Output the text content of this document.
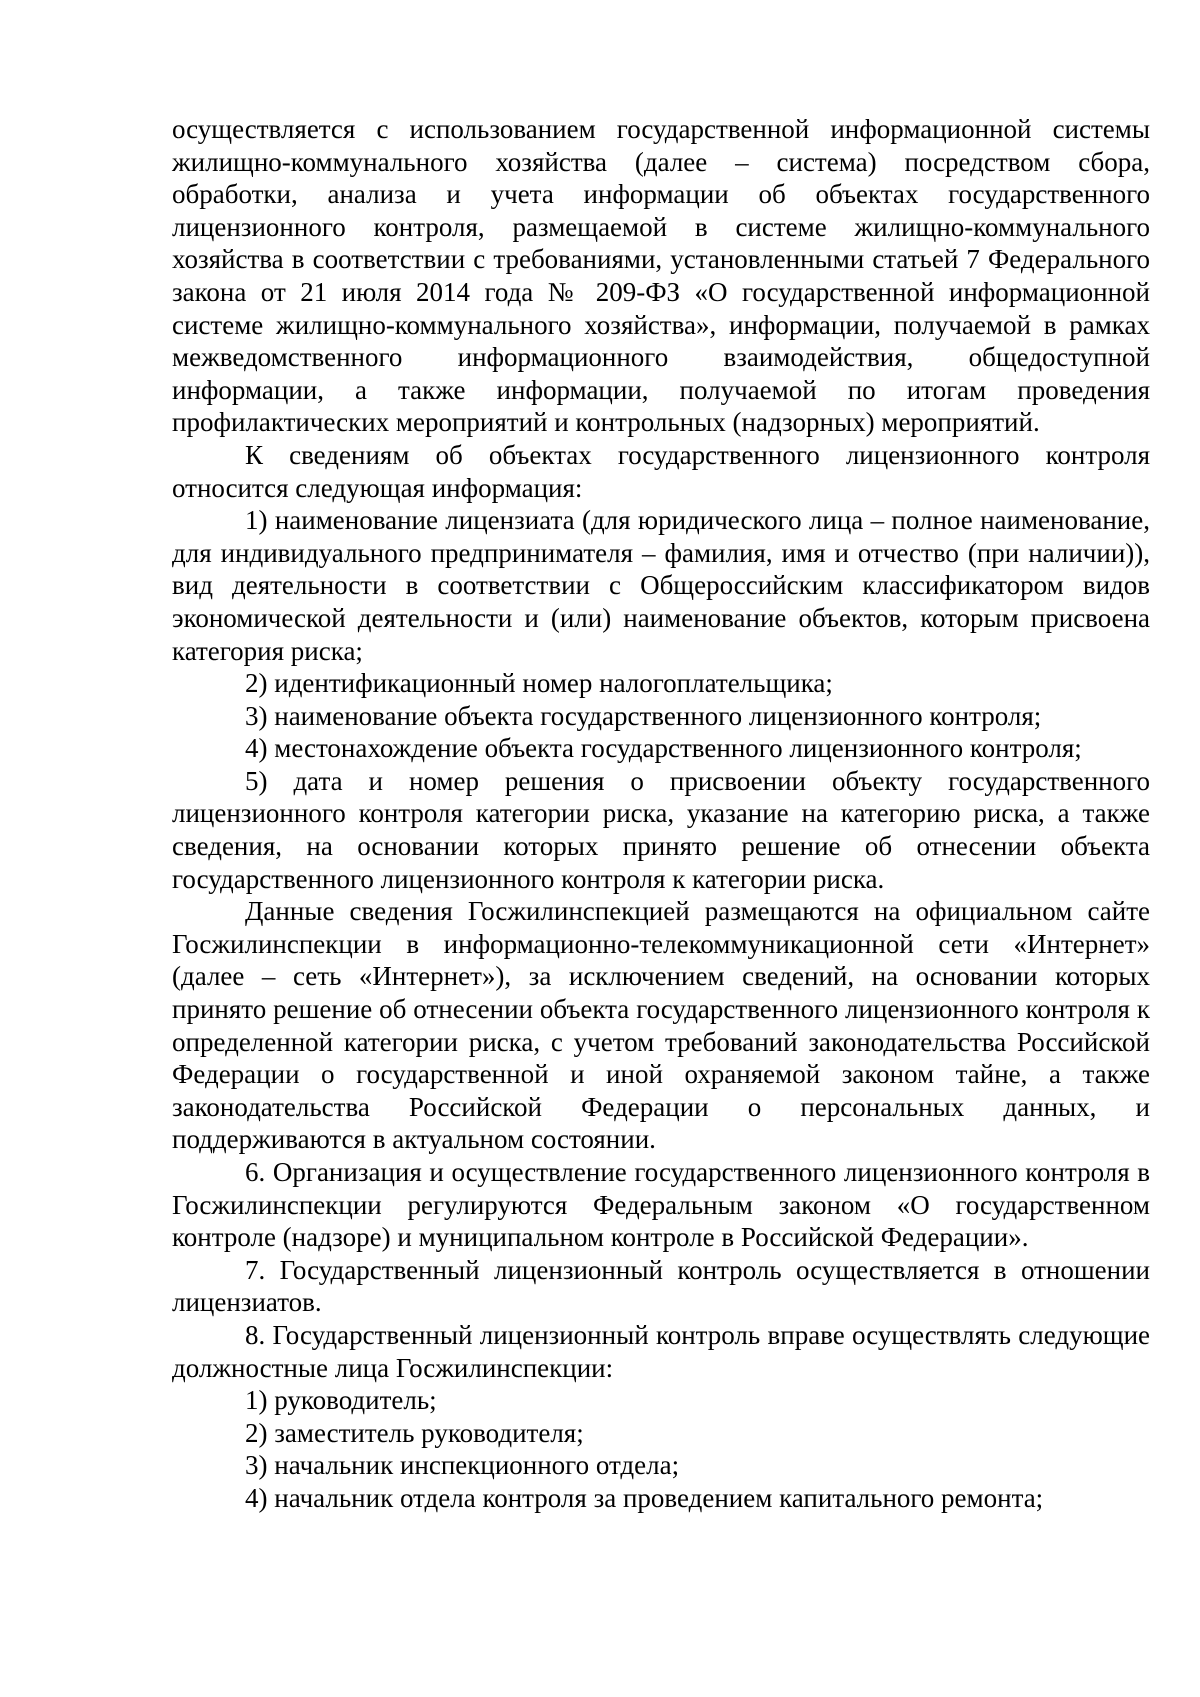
осуществляется с использованием государственной информационной системы жилищно-коммунального хозяйства (далее – система) посредством сбора, обработки, анализа и учета информации об объектах государственного лицензионного контроля, размещаемой в системе жилищно-коммунального хозяйства в соответствии с требованиями, установленными статьей 7 Федерального закона от 21 июля 2014 года № 209-ФЗ «О государственной информационной системе жилищно-коммунального хозяйства», информации, получаемой в рамках межведомственного информационного взаимодействия, общедоступной информации, а также информации, получаемой по итогам проведения профилактических мероприятий и контрольных (надзорных) мероприятий.

К сведениям об объектах государственного лицензионного контроля относится следующая информация:

1) наименование лицензиата (для юридического лица – полное наименование, для индивидуального предпринимателя – фамилия, имя и отчество (при наличии)), вид деятельности в соответствии с Общероссийским классификатором видов экономической деятельности и (или) наименование объектов, которым присвоена категория риска;

2) идентификационный номер налогоплательщика;

3) наименование объекта государственного лицензионного контроля;

4) местонахождение объекта государственного лицензионного контроля;

5) дата и номер решения о присвоении объекту государственного лицензионного контроля категории риска, указание на категорию риска, а также сведения, на основании которых принято решение об отнесении объекта государственного лицензионного контроля к категории риска.

Данные сведения Госжилинспекцией размещаются на официальном сайте Госжилинспекции в информационно-телекоммуникационной сети «Интернет» (далее – сеть «Интернет»), за исключением сведений, на основании которых принято решение об отнесении объекта государственного лицензионного контроля к определенной категории риска, с учетом требований законодательства Российской Федерации о государственной и иной охраняемой законом тайне, а также законодательства Российской Федерации о персональных данных, и поддерживаются в актуальном состоянии.

6. Организация и осуществление государственного лицензионного контроля в Госжилинспекции регулируются Федеральным законом «О государственном контроле (надзоре) и муниципальном контроле в Российской Федерации».

7. Государственный лицензионный контроль осуществляется в отношении лицензиатов.

8. Государственный лицензионный контроль вправе осуществлять следующие должностные лица Госжилинспекции:

1) руководитель;

2) заместитель руководителя;

3) начальник инспекционного отдела;

4) начальник отдела контроля за проведением капитального ремонта;
